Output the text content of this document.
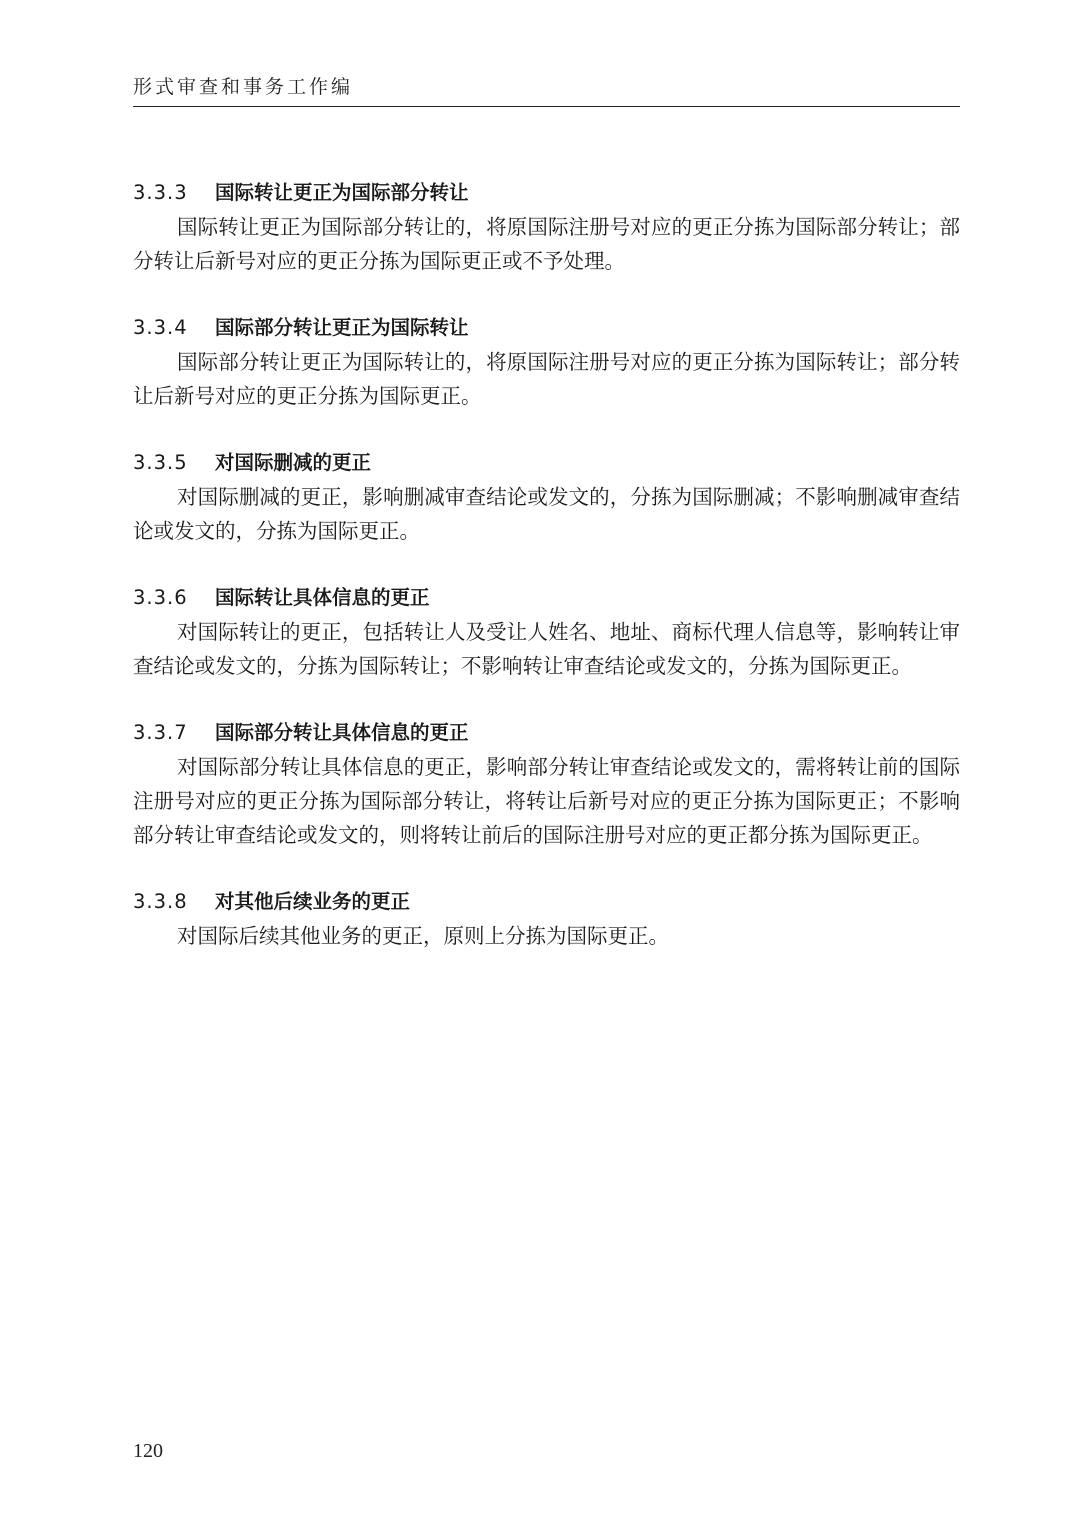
形式审查和事务工作编
3.3.3 国际转让更正为国际部分转让

国际转让更正为国际部分转让的，将原国际注册号对应的更正分拣为国际部分转让；部分转让后新号对应的更正分拣为国际更正或不予处理。

3.3.4 国际部分转让更正为国际转让

国际部分转让更正为国际转让的，将原国际注册号对应的更正分拣为国际转让；部分转让后新号对应的更正分拣为国际更正。

3.3.5 对国际删减的更正

对国际删减的更正，影响删减审查结论或发文的，分拣为国际删减；不影响删减审查结论或发文的，分拣为国际更正。

3.3.6 国际转让具体信息的更正

对国际转让的更正，包括转让人及受让人姓名、地址、商标代理人信息等，影响转让审查结论或发文的，分拣为国际转让；不影响转让审查结论或发文的，分拣为国际更正。

3.3.7 国际部分转让具体信息的更正

对国际部分转让具体信息的更正，影响部分转让审查结论或发文的，需将转让前的国际注册号对应的更正分拣为国际部分转让，将转让后新号对应的更正分拣为国际更正；不影响部分转让审查结论或发文的，则将转让前后的国际注册号对应的更正都分拣为国际更正。

3.3.8 对其他后续业务的更正

对国际后续其他业务的更正，原则上分拣为国际更正。

120
